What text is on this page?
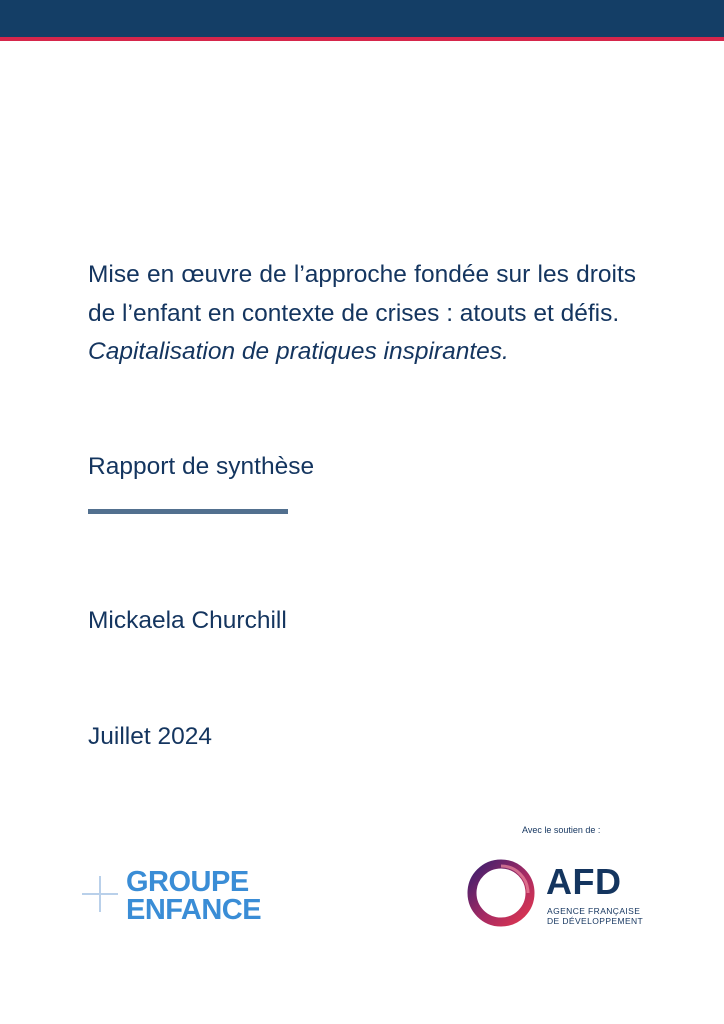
Mise en œuvre de l’approche fondée sur les droits de l’enfant en contexte de crises : atouts et défis.

Capitalisation de pratiques inspirantes.

Rapport de synthèse
Mickaela Churchill
Juillet 2024
Avec le soutien de :
GROUPE
ENFANCE
AFD
AGENCE FRANÇAISE
DE DÉVELOPPEMENT
